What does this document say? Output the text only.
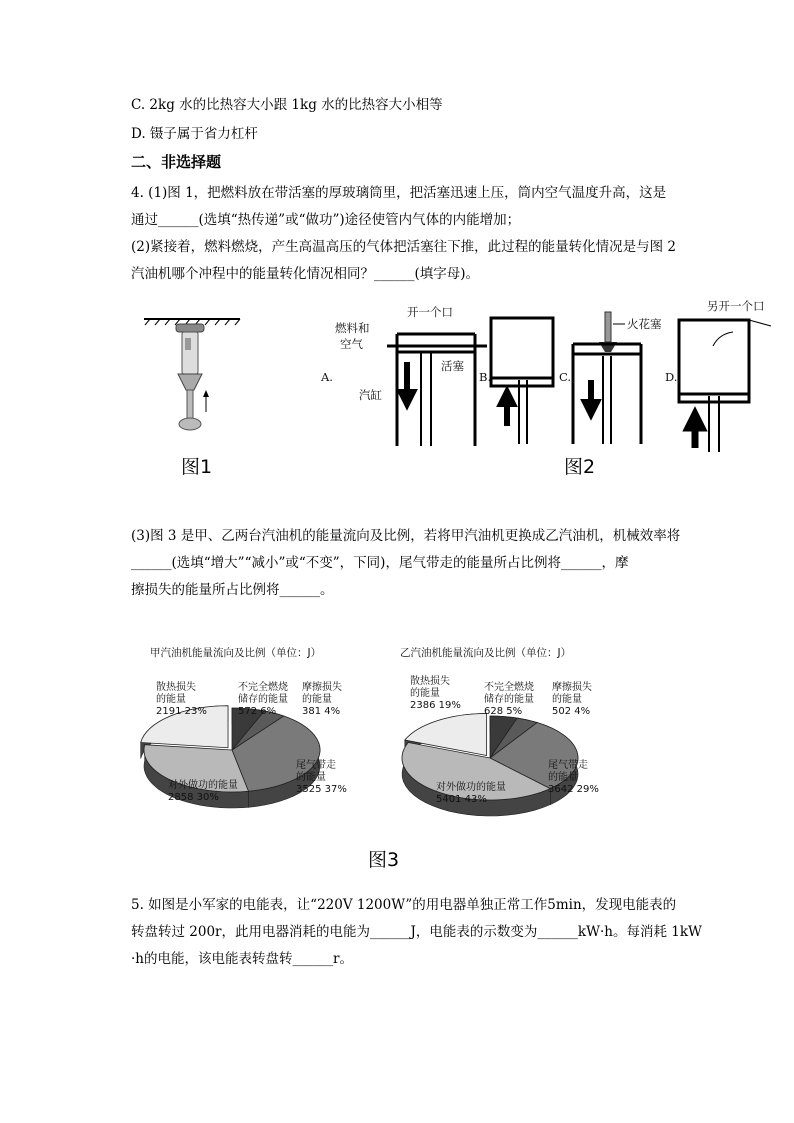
C. 2kg 水的比热容大小跟 1kg 水的比热容大小相等
D. 镊子属于省力杠杆
二、非选择题
4. (1)图 1，把燃料放在带活塞的厚玻璃筒里，把活塞迅速上压，筒内空气温度升高，这是
通过______(选填“热传递”或“做功”)途径使管内气体的内能增加；
(2)紧接着，燃料燃烧，产生高温高压的气体把活塞往下推，此过程的能量转化情况是与图 2
汽油机哪个冲程中的能量转化情况相同？______(填字母)。
图1
燃料和
空气
开一个口
活塞
汽缸
A.	B.	C.
火花塞
D.
另开一个口
图2
(3)图 3 是甲、乙两台汽油机的能量流向及比例，若将甲汽油机更换成乙汽油机，机械效率将
______(选填“增大”“减小”或“不变”，下同)，尾气带走的能量所占比例将______，摩
擦损失的能量所占比例将______。
甲汽油机能量流向及比例（单位：J）
散热损失的能量 2191 23%
不完全燃烧储存的能量 572 6%
摩擦损失的能量 381 4%
尾气带走的能量 3525 37%
对外做功的能量 2858 30%
乙汽油机能量流向及比例（单位：J）
散热损失的能量 2386 19%
不完全燃烧储存的能量 628 5%
摩擦损失的能量 502 4%
尾气带走的能量 3642 29%
对外做功的能量 5401 43%
图3
5. 如图是小军家的电能表，让“220V 1200W”的用电器单独正常工作5min，发现电能表的
转盘转过 200r，此用电器消耗的电能为______J，电能表的示数变为______kW·h。每消耗 1kW
·h的电能，该电能表转盘转______r。
